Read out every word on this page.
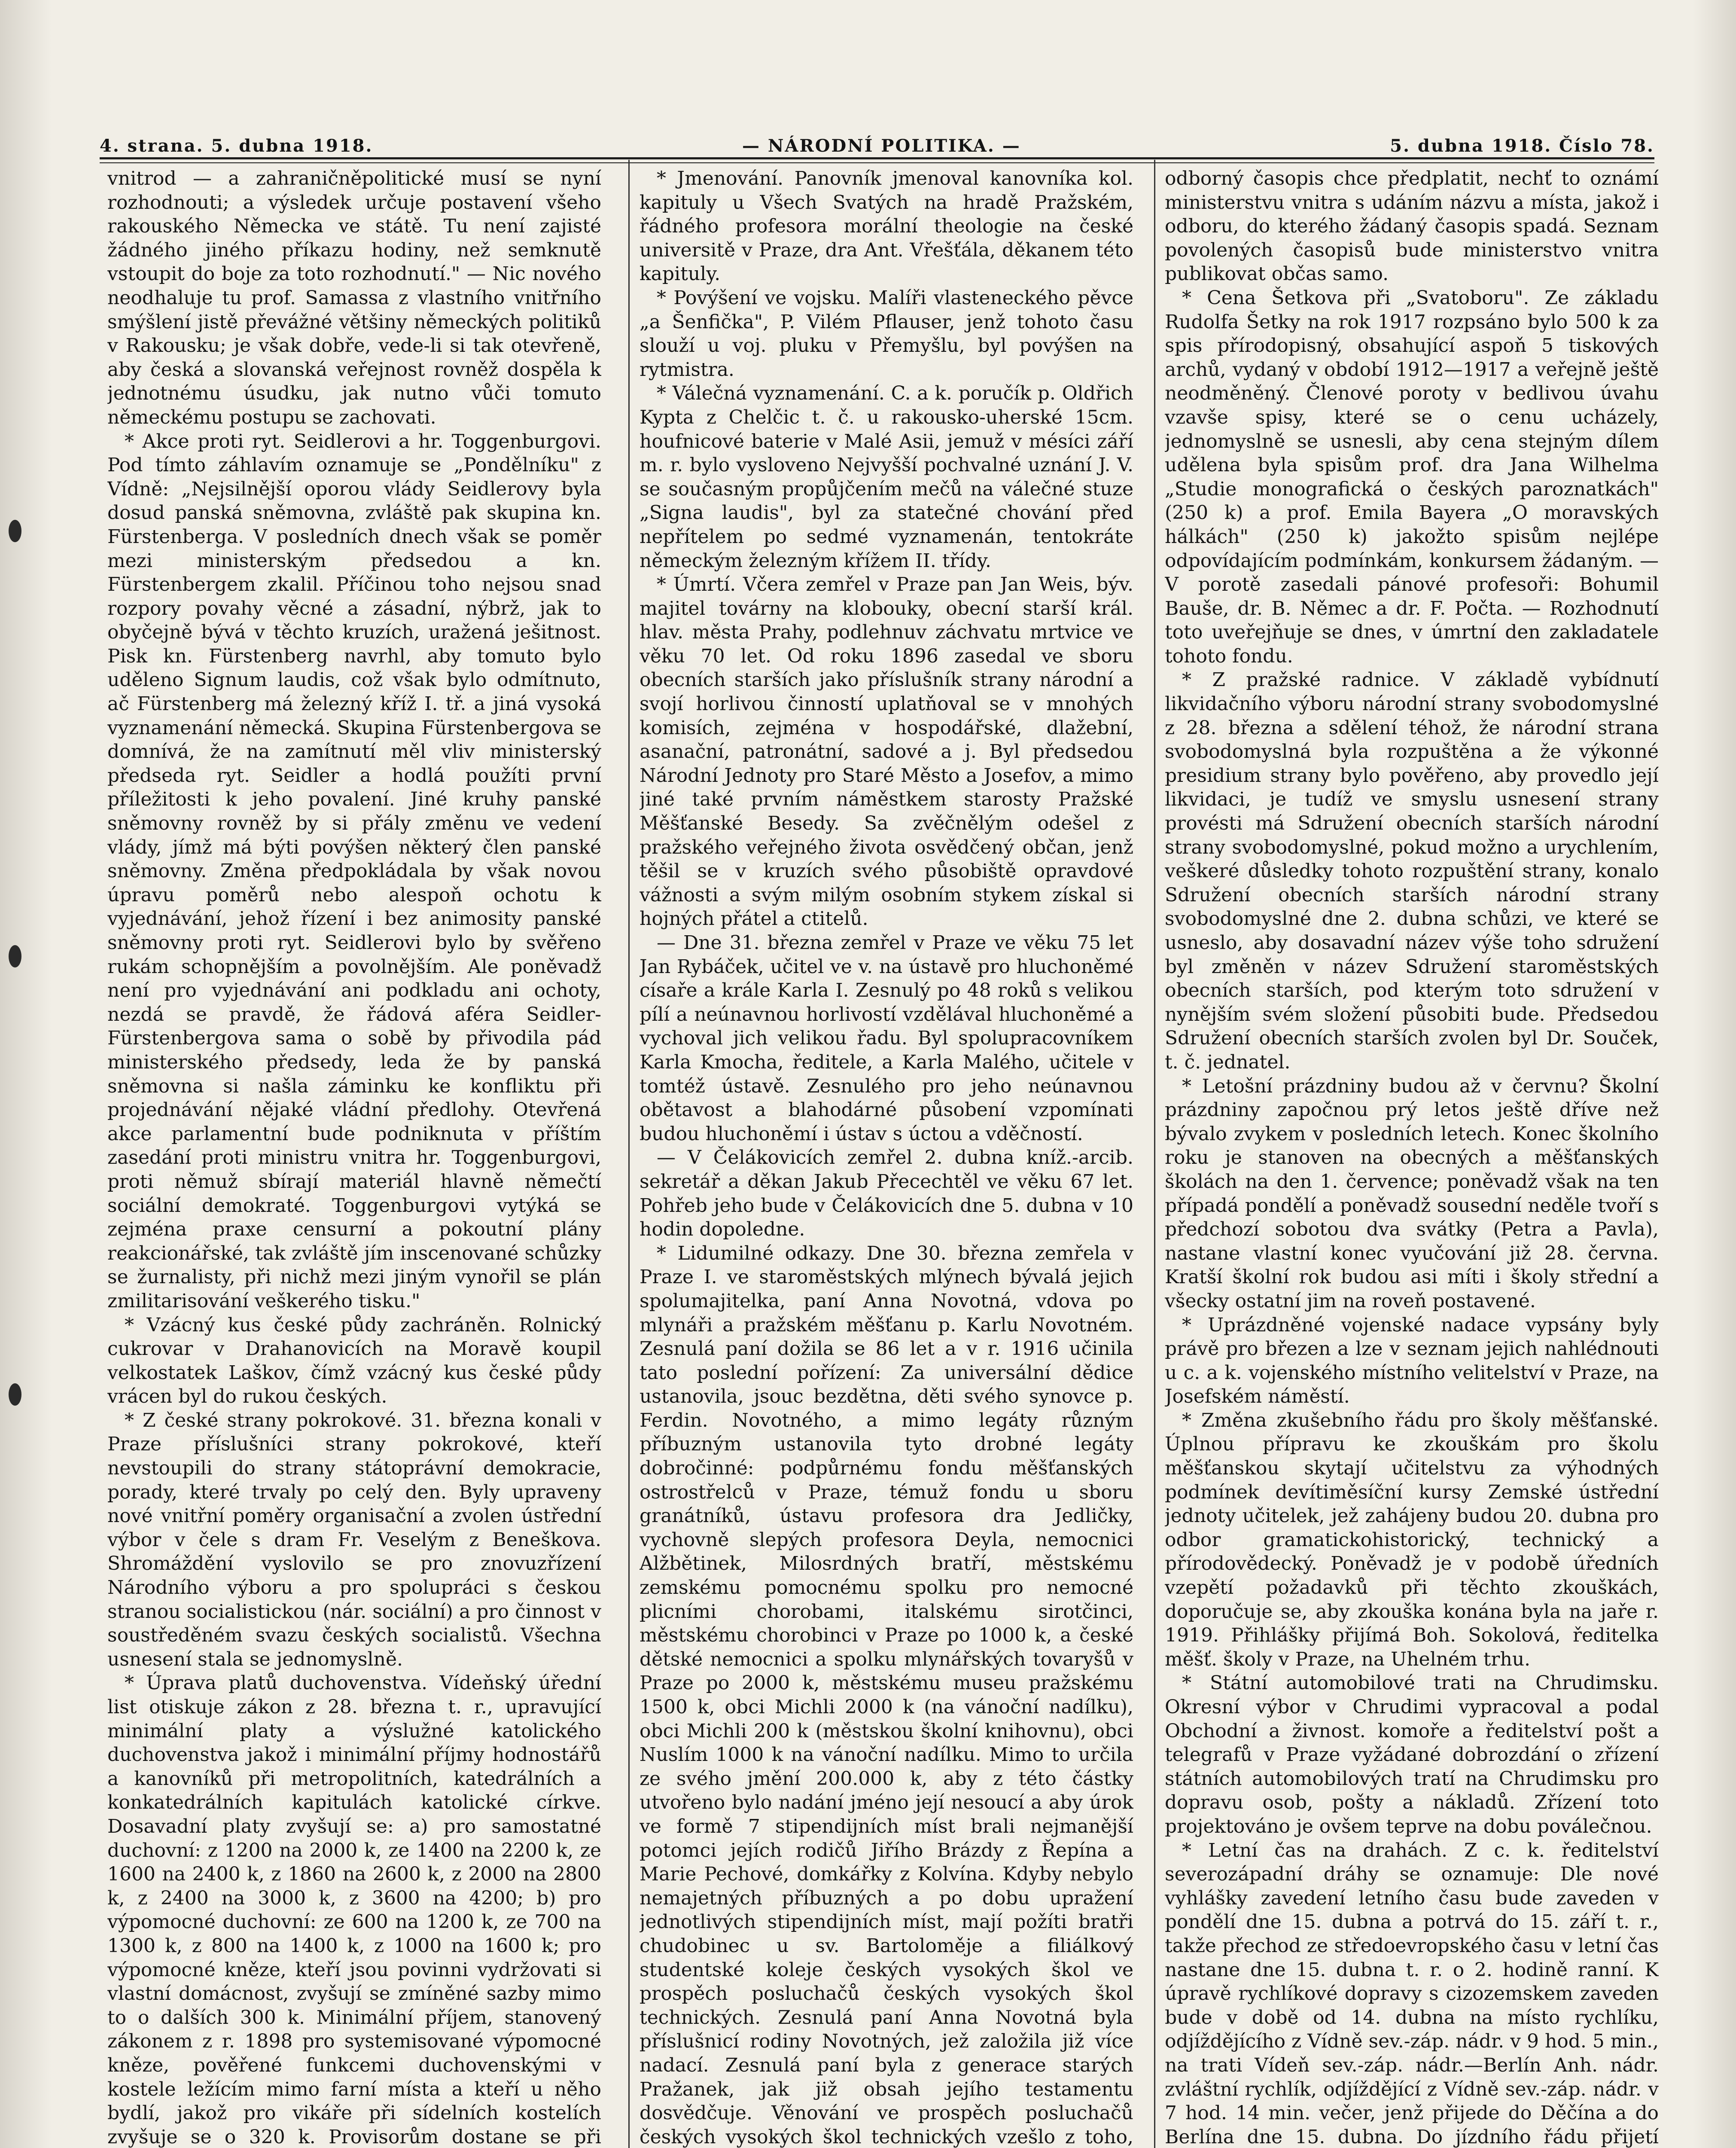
4. strana. 5. dubna 1918.	— NÁRODNÍ POLITIKA. —	5. dubna 1918. Číslo 78.

vnitrod — a zahraničněpolitické musí se nyní rozhodnouti; a výsledek určuje postavení všeho rakouského Německa ve státě. Tu není zajisté žádného jiného příkazu hodiny, než semknutě vstoupit do boje za toto rozhodnutí." — Nic nového neodhaluje tu prof. Samassa z vlastního vnitřního smýšlení jistě převážné většiny německých politiků v Rakousku; je však dobře, vede-li si tak otevřeně, aby česká a slovanská veřejnost rovněž dospěla k jednotnému úsudku, jak nutno vůči tomuto německému postupu se zachovati.

* Akce proti ryt. Seidlerovi a hr. Toggenburgovi. Pod tímto záhlavím oznamuje se „Pondělníku" z Vídně: „Nejsilnější oporou vlády Seidlerovy byla dosud panská sněmovna, zvláště pak skupina kn. Fürstenberga. V posledních dnech však se poměr mezi ministerským předsedou a kn. Fürstenbergem zkalil. Příčinou toho nejsou snad rozpory povahy věcné a zásadní, nýbrž, jak to obyčejně bývá v těchto kruzích, uražená ješitnost. Pisk kn. Fürstenberg navrhl, aby tomuto bylo uděleno Signum laudis, což však bylo odmítnuto, ač Fürstenberg má železný kříž I. tř. a jiná vysoká vyznamenání německá. Skupina Fürstenbergova se domnívá, že na zamítnutí měl vliv ministerský předseda ryt. Seidler a hodlá použíti první příležitosti k jeho povalení. Jiné kruhy panské sněmovny rovněž by si přály změnu ve vedení vlády, jímž má býti povýšen některý člen panské sněmovny. Změna předpokládala by však novou úpravu poměrů nebo alespoň ochotu k vyjednávání, jehož řízení i bez animosity panské sněmovny proti ryt. Seidlerovi bylo by svěřeno rukám schopnějším a povolnějším. Ale poněvadž není pro vyjednávání ani podkladu ani ochoty, nezdá se pravdě, že řádová aféra Seidler-Fürstenbergova sama o sobě by přivodila pád ministerského předsedy, leda že by panská sněmovna si našla záminku ke konfliktu při projednávání nějaké vládní předlohy. Otevřená akce parlamentní bude podniknuta v příštím zasedání proti ministru vnitra hr. Toggenburgovi, proti němuž sbírají materiál hlavně němečtí sociální demokraté. Toggenburgovi vytýká se zejména praxe censurní a pokoutní plány reakcionářské, tak zvláště jím inscenované schůzky se žurnalisty, při nichž mezi jiným vynořil se plán zmilitarisování veškerého tisku."

* Vzácný kus české půdy zachráněn. Rolnický cukrovar v Drahanovicích na Moravě koupil velkostatek Laškov, čímž vzácný kus české půdy vrácen byl do rukou českých.

* Z české strany pokrokové. 31. března konali v Praze příslušníci strany pokrokové, kteří nevstoupili do strany státoprávní demokracie, porady, které trvaly po celý den. Byly upraveny nové vnitřní poměry organisační a zvolen ústřední výbor v čele s dram Fr. Veselým z Beneškova. Shromáždění vyslovilo se pro znovuzřízení Národního výboru a pro spolupráci s českou stranou socialistickou (nár. sociální) a pro činnost v soustředěném svazu českých socialistů. Všechna usnesení stala se jednomyslně.

* Úprava platů duchovenstva. Vídeňský úřední list otiskuje zákon z 28. března t. r., upravující minimální platy a výslužné katolického duchovenstva jakož i minimální příjmy hodnostářů a kanovníků při metropolitních, katedrálních a konkatedrálních kapitulách katolické církve. Dosavadní platy zvyšují se: a) pro samostatné duchovní: z 1200 na 2000 k, ze 1400 na 2200 k, ze 1600 na 2400 k, z 1860 na 2600 k, z 2000 na 2800 k, z 2400 na 3000 k, z 3600 na 4200; b) pro výpomocné duchovní: ze 600 na 1200 k, ze 700 na 1300 k, z 800 na 1400 k, z 1000 na 1600 k; pro výpomocné kněze, kteří jsou povinni vydržovati si vlastní domácnost, zvyšují se zmíněné sazby mimo to o dalších 300 k. Minimální příjem, stanovený zákonem z r. 1898 pro systemisované výpomocné kněze, pověřené funkcemi duchovenskými v kostele ležícím mimo farní místa a kteří u něho bydlí, jakož pro vikáře při sídelních kostelích zvyšuje se o 320 k. Provisorům dostane se při

* Jmenování. Panovník jmenoval kanovníka kol. kapituly u Všech Svatých na hradě Pražském, řádného profesora morální theologie na české universitě v Praze, dra Ant. Vřešťála, děkanem této kapituly.

* Povýšení ve vojsku. Malíři vlasteneckého pěvce „a Šenfička", P. Vilém Pflauser, jenž tohoto času slouží u voj. pluku v Přemyšlu, byl povýšen na rytmistra.

* Válečná vyznamenání. C. a k. poručík p. Oldřich Kypta z Chelčic t. č. u rakousko-uherské 15cm. houfnicové baterie v Malé Asii, jemuž v mésíci září m. r. bylo vysloveno Nejvyšší pochvalné uznání J. V. se současným propůjčením mečů na válečné stuze „Signa laudis", byl za statečné chování před nepřítelem po sedmé vyznamenán, tentokráte německým železným křížem II. třídy.

* Úmrtí. Včera zemřel v Praze pan Jan Weis, býv. majitel továrny na klobouky, obecní starší král. hlav. města Prahy, podlehnuv záchvatu mrtvice ve věku 70 let. Od roku 1896 zasedal ve sboru obecních starších jako příslušník strany národní a svojí horlivou činností uplatňoval se v mnohých komisích, zejména v hospodářské, dlažební, asanační, patronátní, sadové a j. Byl předsedou Národní Jednoty pro Staré Město a Josefov, a mimo jiné také prvním náměstkem starosty Pražské Měšťanské Besedy. Sa zvěčnělým odešel z pražského veřejného života osvědčený občan, jenž těšil se v kruzích svého působiště opravdové vážnosti a svým milým osobním stykem získal si hojných přátel a ctitelů.

— Dne 31. března zemřel v Praze ve věku 75 let Jan Rybáček, učitel ve v. na ústavě pro hluchoněmé císaře a krále Karla I. Zesnulý po 48 roků s velikou pílí a neúnavnou horlivostí vzdělával hluchoněmé a vychoval jich velikou řadu. Byl spolupracovníkem Karla Kmocha, ředitele, a Karla Malého, učitele v tomtéž ústavě. Zesnulého pro jeho neúnavnou obětavost a blahodárné působení vzpomínati budou hluchoněmí i ústav s úctou a vděčností.

— V Čelákovicích zemřel 2. dubna kníž.-arcib. sekretář a děkan Jakub Přecechtěl ve věku 67 let. Pohřeb jeho bude v Čelákovicích dne 5. dubna v 10 hodin dopoledne.

* Lidumilné odkazy. Dne 30. března zemřela v Praze I. ve staroměstských mlýnech bývalá jejich spolumajitelka, paní Anna Novotná, vdova po mlynáři a pražském měšťanu p. Karlu Novotném. Zesnulá paní dožila se 86 let a v r. 1916 učinila tato poslední pořízení: Za universální dědice ustanovila, jsouc bezdětna, děti svého synovce p. Ferdin. Novotného, a mimo legáty různým příbuzným ustanovila tyto drobné legáty dobročinné: podpůrnému fondu měšťanských ostrostřelců v Praze, témuž fondu u sboru granátníků, ústavu profesora dra Jedličky, vychovně slepých profesora Deyla, nemocnici Alžbětinek, Milosrdných bratří, městskému zemskému pomocnému spolku pro nemocné plicními chorobami, italskému sirotčinci, městskému chorobinci v Praze po 1000 k, a české dětské nemocnici a spolku mlynářských tovaryšů v Praze po 2000 k, městskému museu pražskému 1500 k, obci Michli 2000 k (na vánoční nadílku), obci Michli 200 k (městskou školní knihovnu), obci Nuslím 1000 k na vánoční nadílku. Mimo to určila ze svého jmění 200.000 k, aby z této částky utvořeno bylo nadání jméno její nesoucí a aby úrok ve formě 7 stipendijních míst brali nejmanější potomci jejích rodičů Jiřího Brázdy z Řepína a Marie Pechové, domkářky z Kolvína. Kdyby nebylo nemajetných příbuzných a po dobu upražení jednotlivých stipendijních míst, mají požíti bratři chudobinec u sv. Bartoloměje a filiálkový studentské koleje českých vysokých škol ve prospěch posluchačů českých vysokých škol technických. Zesnulá paní Anna Novotná byla příslušnicí rodiny Novotných, jež založila již více nadací. Zesnulá paní byla z generace starých Pražanek, jak již obsah jejího testamentu dosvědčuje. Věnování ve prospěch posluchačů českých vysokých škol technických vzešlo z toho,

odborný časopis chce předplatit, nechť to oznámí ministerstvu vnitra s udáním názvu a místa, jakož i odboru, do kterého žádaný časopis spadá. Seznam povolených časopisů bude ministerstvo vnitra publikovat občas samo.

* Cena Šetkova při „Svatoboru". Ze základu Rudolfa Šetky na rok 1917 rozpsáno bylo 500 k za spis přírodopisný, obsahující aspoň 5 tiskových archů, vydaný v období 1912—1917 a veřejně ještě neodměněný. Členové poroty v bedlivou úvahu vzavše spisy, které se o cenu ucházely, jednomyslně se usnesli, aby cena stejným dílem udělena byla spisům prof. dra Jana Wilhelma „Studie monografická o českých paroznatkách" (250 k) a prof. Emila Bayera „O moravských hálkách" (250 k) jakožto spisům nejlépe odpovídajícím podmínkám, konkursem žádaným. — V porotě zasedali pánové profesoři: Bohumil Bauše, dr. B. Němec a dr. F. Počta. — Rozhodnutí toto uveřejňuje se dnes, v úmrtní den zakladatele tohoto fondu.

* Z pražské radnice. V základě vybídnutí likvidačního výboru národní strany svobodomyslné z 28. března a sdělení téhož, že národní strana svobodomyslná byla rozpuštěna a že výkonné presidium strany bylo pověřeno, aby provedlo její likvidaci, je tudíž ve smyslu usnesení strany provésti má Sdružení obecních starších národní strany svobodomyslné, pokud možno a urychlením, veškeré důsledky tohoto rozpuštění strany, konalo Sdružení obecních starších národní strany svobodomyslné dne 2. dubna schůzi, ve které se usneslo, aby dosavadní název výše toho sdružení byl změněn v název Sdružení staroměstských obecních starších, pod kterým toto sdružení v nynějším svém složení působiti bude. Předsedou Sdružení obecních starších zvolen byl Dr. Souček, t. č. jednatel.

* Letošní prázdniny budou až v červnu? Školní prázdniny započnou prý letos ještě dříve než bývalo zvykem v posledních letech. Konec školního roku je stanoven na obecných a měšťanských školách na den 1. července; poněvadž však na ten případá pondělí a poněvadž sousední neděle tvoří s předchozí sobotou dva svátky (Petra a Pavla), nastane vlastní konec vyučování již 28. června. Kratší školní rok budou asi míti i školy střední a všecky ostatní jim na roveň postavené.

* Uprázdněné vojenské nadace vypsány byly právě pro březen a lze v seznam jejich nahlédnouti u c. a k. vojenského místního velitelství v Praze, na Josefském náměstí.

* Změna zkušebního řádu pro školy měšťanské. Úplnou přípravu ke zkouškám pro školu měšťanskou skytají učitelstvu za výhodných podmínek devítiměsíční kursy Zemské ústřední jednoty učitelek, jež zahájeny budou 20. dubna pro odbor gramatickohistorický, technický a přírodovědecký. Poněvadž je v podobě úředních vzepětí požadavků při těchto zkouškách, doporučuje se, aby zkouška konána byla na jaře r. 1919. Přihlášky přijímá Boh. Sokolová, ředitelka měšť. školy v Praze, na Uhelném trhu.

* Státní automobilové trati na Chrudimsku. Okresní výbor v Chrudimi vypracoval a podal Obchodní a živnost. komoře a ředitelství pošt a telegrafů v Praze vyžádané dobrozdání o zřízení státních automobilových tratí na Chrudimsku pro dopravu osob, pošty a nákladů. Zřízení toto projektováno je ovšem teprve na dobu poválečnou.

* Letní čas na drahách. Z c. k. ředitelství severozápadní dráhy se oznamuje: Dle nové vyhlášky zavedení letního času bude zaveden v pondělí dne 15. dubna a potrvá do 15. září t. r., takže přechod ze středoevropského času v letní čas nastane dne 15. dubna t. r. o 2. hodině ranní. K úpravě rychlíkové dopravy s cizozemskem zaveden bude v době od 14. dubna na místo rychlíku, odjíždějícího z Vídně sev.-záp. nádr. v 9 hod. 5 min., na trati Vídeň sev.-záp. nádr.—Berlín Anh. nádr. zvláštní rychlík, odjíždějící z Vídně sev.-záp. nádr. v 7 hod. 14 min. večer, jenž přijede do Děčína a do Berlína dne 15. dubna. Do jízdního řádu přijetí
